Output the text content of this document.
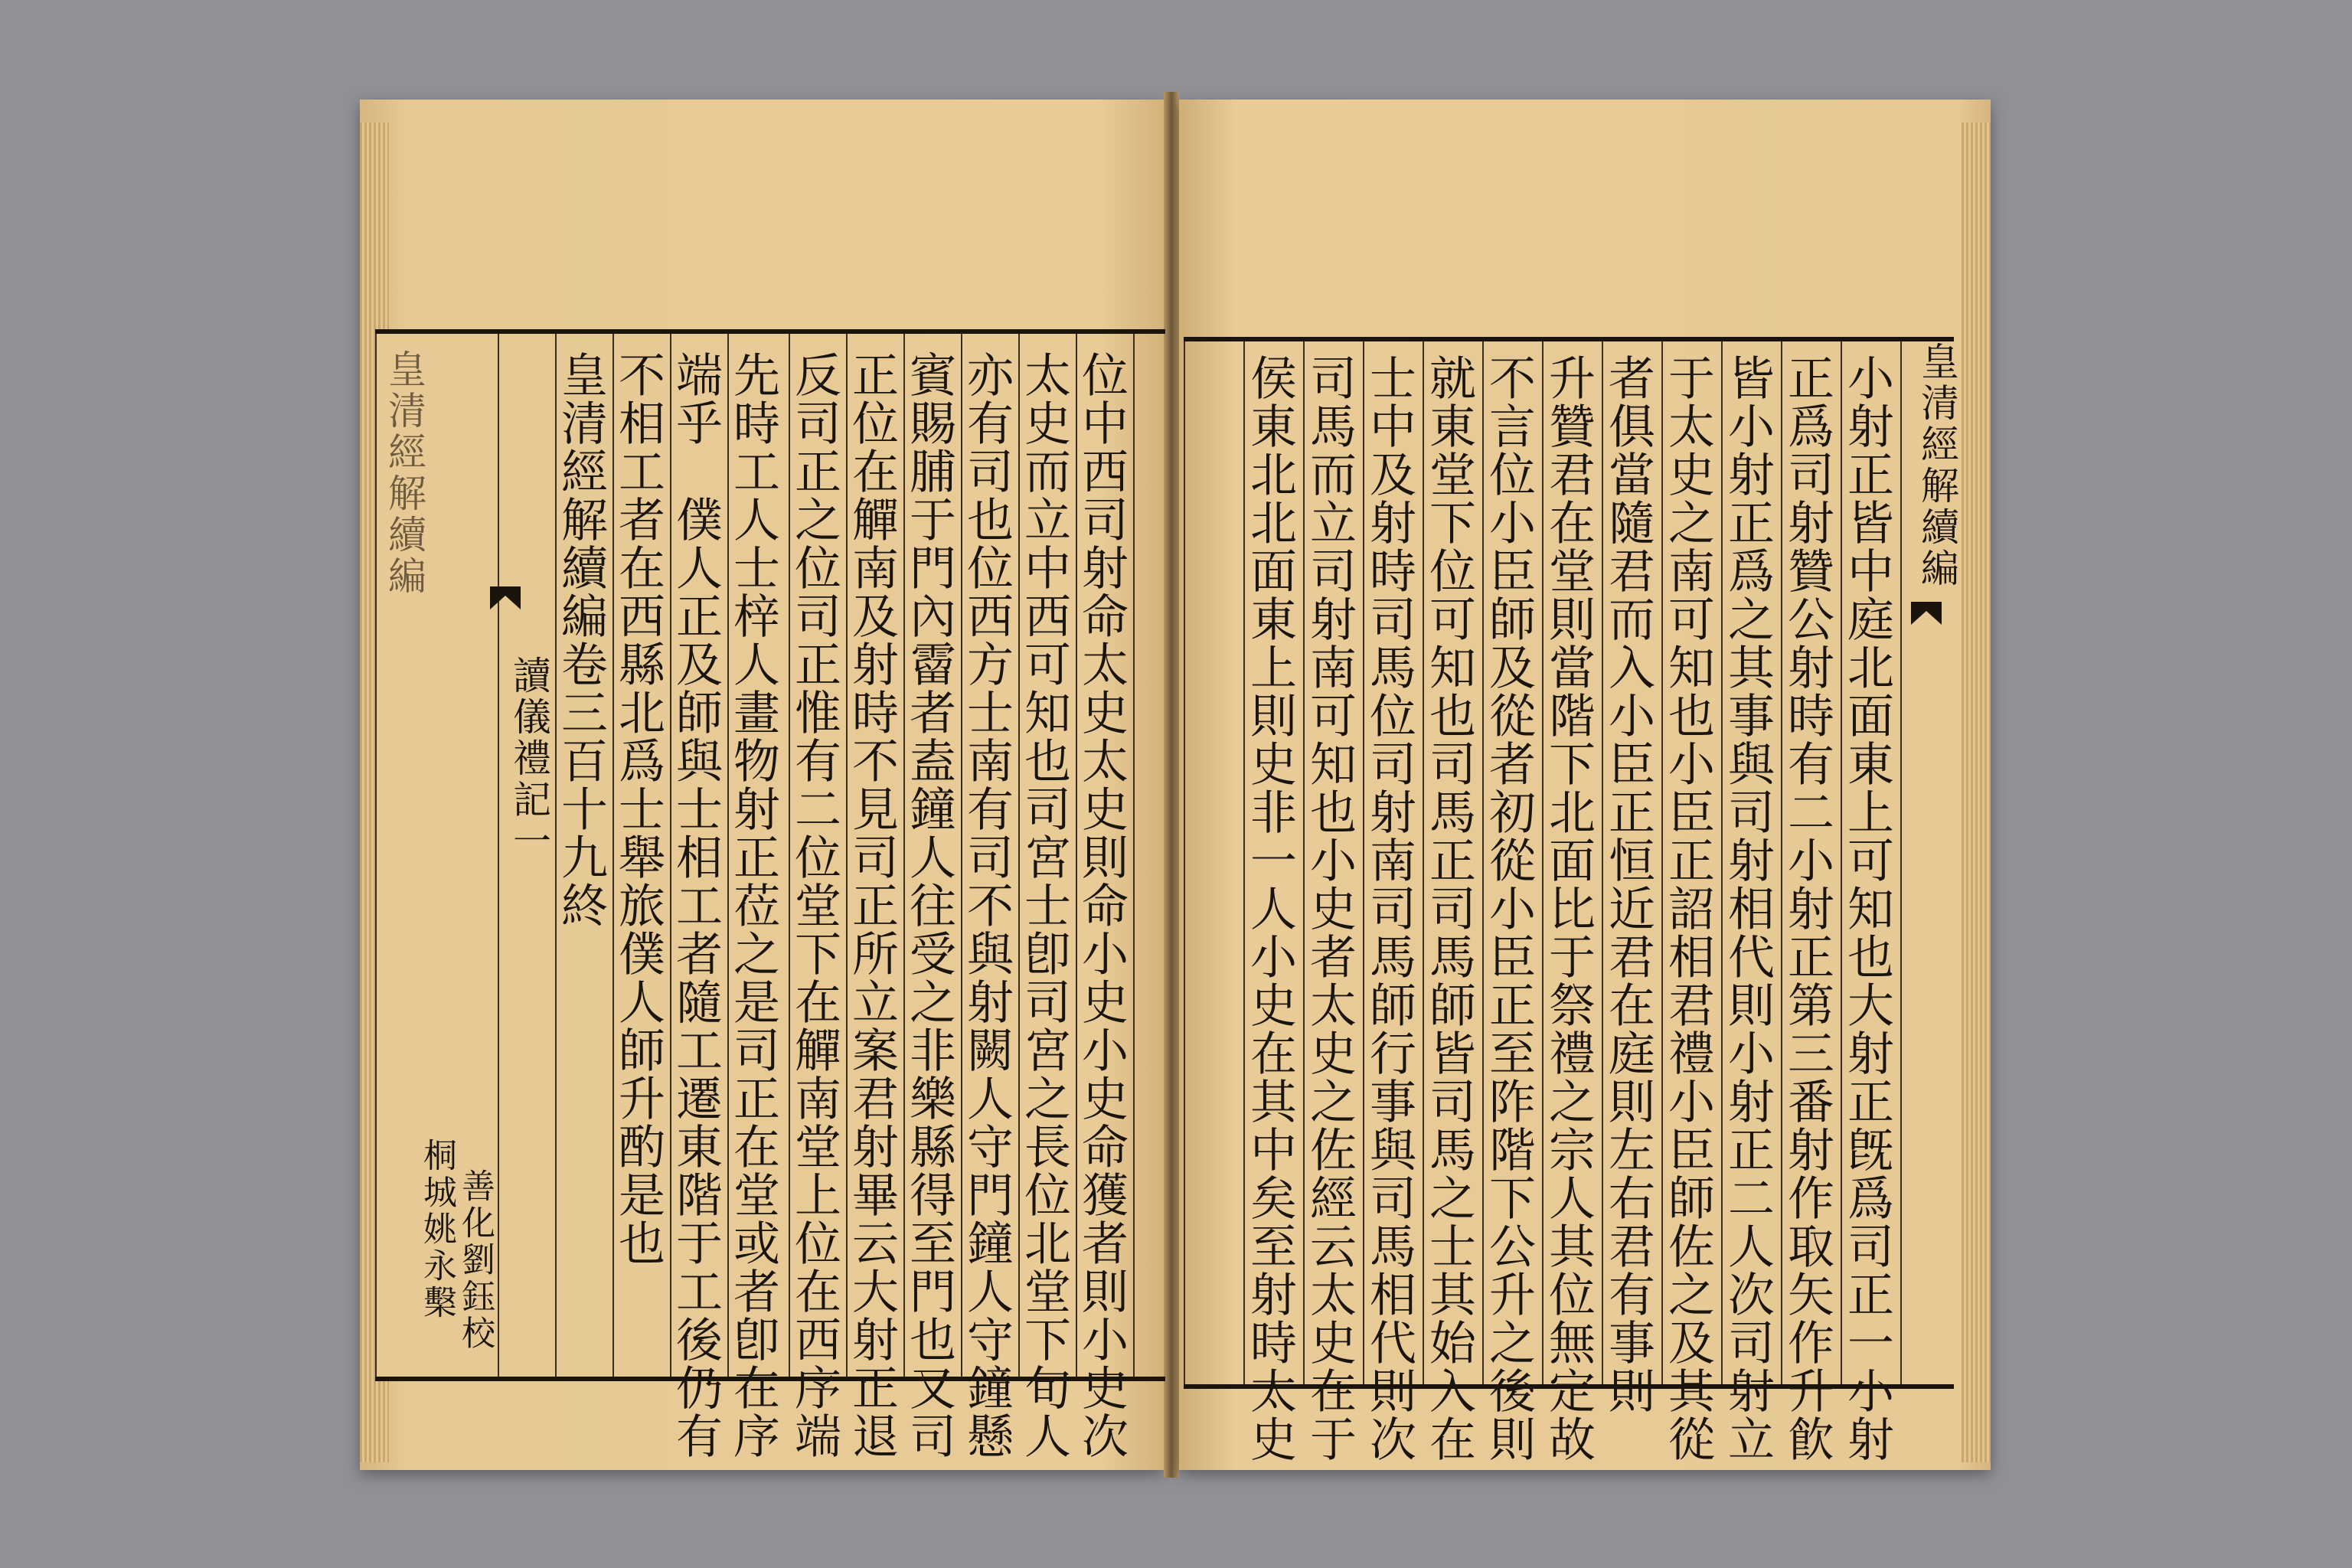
皇清經解續編	位中西司射命太史太史則命小史小史命獲者則小史次
太史而立中西可知也司宮士卽司宮之長位北堂下旬人
亦有司也位西方士南有司不與射闕人守門鐘人守鐘懸
賓賜脯于門內霤者盍鐘人往受之非樂縣得至門也又司
正位在觶南及射時不見司正所立案君射畢云大射正退
反司正之位司正惟有二位堂下在觶南堂上位在西序端
先時工人士梓人畫物射正莅之是司正在堂或者卽在序
端乎　僕人正及師與士相工者隨工遷東階于工後仍有
不相工者在西縣北爲士舉旅僕人師升酌是也
皇清經解續編卷三百十九終
讀儀禮記一
桐城姚永檕 善化劉鈺校	小射正皆中庭北面東上可知也大射正旣爲司正一小射
正爲司射贊公射時有二小射正第三番射作取矢作升飮
皆小射正爲之其事與司射相代則小射正二人次司射立
于太史之南可知也小臣正詔相君禮小臣師佐之及其從
者俱當隨君而入小臣正恒近君在庭則左右君有事則
升贊君在堂則當階下北面比于祭禮之宗人其位無定故
不言位小臣師及從者初從小臣正至阼階下公升之後則
就東堂下位可知也司馬正司馬師皆司馬之士其始入在
士中及射時司馬位司射南司馬師行事與司馬相代則次
司馬而立司射南可知也小史者太史之佐經云太史在于
侯東北北面東上則史非一人小史在其中矣至射時太史	皇清經解續編
